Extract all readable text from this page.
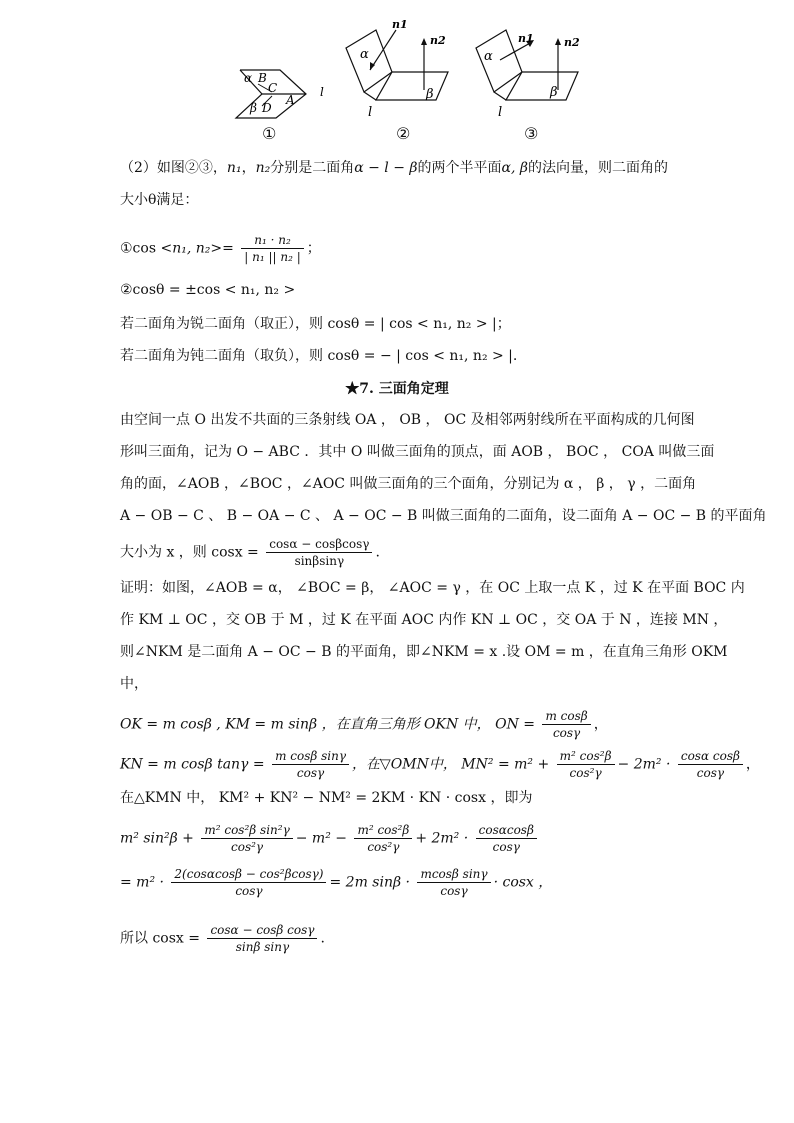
α B
C
β D
A
l
①
α
n1
n2
β
l
②
α
n1	n2
β
l
③
（2）如图②③，n₁，n₂分别是二面角α − l − β的两个半平面α, β的法向量，则二面角的
大小θ满足：
①cos <n₁, $n_2>= \frac{\text{n₁ · n₂}}{\text{| n₁ || n₂ |}}$ ；
②cosθ = ±cos < n₁, n₂ >
若二面角为锐二面角（取正），则 cosθ = | cos < n₁, n₂ > |；
若二面角为钝二面角（取负），则 cosθ = − | cos < n₁, n₂ > |.
★7. 三面角定理
由空间一点 O 出发不共面的三条射线 OA ， OB ， OC 及相邻两射线所在平面构成的几何图
形叫三面角，记为 O − ABC ．其中 O 叫做三面角的顶点，面 AOB ， BOC ， COA 叫做三面
角的面，∠AOB ，∠BOC ，∠AOC 叫做三面角的三个面角，分别记为 α ， β ， γ ，二面角
A − OB − C 、 B − OA − C 、 A − OC − B 叫做三面角的二面角，设二面角 A − OC − B 的平面角
大小为 x ，则 $\cos x = \frac{\cos\alpha - \cos\beta\cos\gamma}{\sin\beta\sin\gamma}$ .
证明：如图，∠AOB = α， ∠BOC = β， ∠AOC = γ ，在 OC 上取一点 K ，过 K 在平面 BOC 内
作 KM ⊥ OC ，交 OB 于 M ，过 K 在平面 AOC 内作 KN ⊥ OC ，交 OA 于 N ，连接 MN ，
则∠NKM 是二面角 A − OC − B 的平面角，即∠NKM = x .设 OM = m ，在直角三角形 OKM
中，
OK = m cosβ , KM = m sinβ ，在直角三角形 OKN 中， ON = $\frac{\text{m cosβ}}{\cos\gamma}$ ，
KN = m cosβ $\tan\gamma = \frac{\text{m cosβ sinγ}}{\cos\gamma}$ ，在▽OMN中， $MN^2 = m^2 + \frac{\text{m² cos²β}}{\text{cos²γ}} - 2m^2 \cdot \frac{\text{cosα cosβ}}{\cos\gamma}$ ，
在△KMN 中， KM² + KN² − NM² = 2KM · KN · cosx ，即为
m² $\sin^2\beta + \frac{\text{m² cos²β sin²γ}}{\text{cos²γ}} - m^2 - \frac{\text{m² cos²β}}{\text{cos²γ}} + 2m^2 \cdot \frac{\cos\alpha\cos\beta}{\cos\gamma}$
= $m^2 \cdot \frac{\text{2(cosαcosβ − cos²βcosγ)}}{\cos\gamma} = 2m$ $\sin\beta \cdot \frac{\text{mcosβ sinγ}}{\cos\gamma} \cdot \cos x$ ，
所以 $\cos x = \frac{\text{cosα − cosβ cosγ}}{\text{sinβ sinγ}}$ .
